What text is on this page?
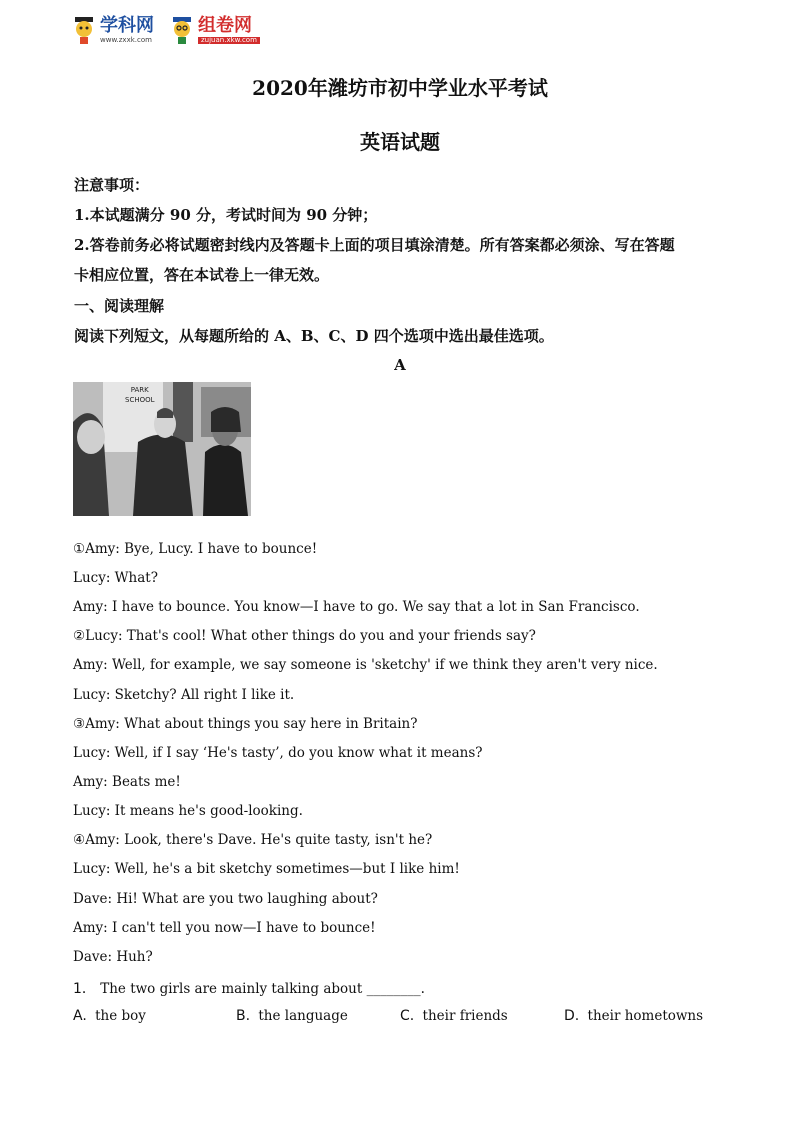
学科网
www.zxxk.com
组卷网
zujuan.xkw.com
2020年潍坊市初中学业水平考试
英语试题
注意事项：
1.本试题满分 90 分，考试时间为 90 分钟；
2.答卷前务必将试题密封线内及答题卡上面的项目填涂清楚。所有答案都必须涂、写在答题
卡相应位置，答在本试卷上一律无效。
一、阅读理解
阅读下列短文，从每题所给的 A、B、C、D 四个选项中选出最佳选项。
A
PARK
SCHOOL
①Amy: Bye, Lucy. I have to bounce!
Lucy: What?
Amy: I have to bounce. You know—I have to go. We say that a lot in San Francisco.
②Lucy: That's cool! What other things do you and your friends say?
Amy: Well, for example, we say someone is 'sketchy' if we think they aren't very nice.
Lucy: Sketchy? All right I like it.
③Amy: What about things you say here in Britain?
Lucy: Well, if I say ‘He's tasty’, do you know what it means?
Amy: Beats me!
Lucy: It means he's good-looking.
④Amy: Look, there's Dave. He's quite tasty, isn't he?
Lucy: Well, he's a bit sketchy sometimes—but I like him!
Dave: Hi! What are you two laughing about?
Amy: I can't tell you now—I have to bounce!
Dave: Huh?
1． The two girls are mainly talking about ________.
A. the boy	B. the language	C. their friends	D. their hometowns
